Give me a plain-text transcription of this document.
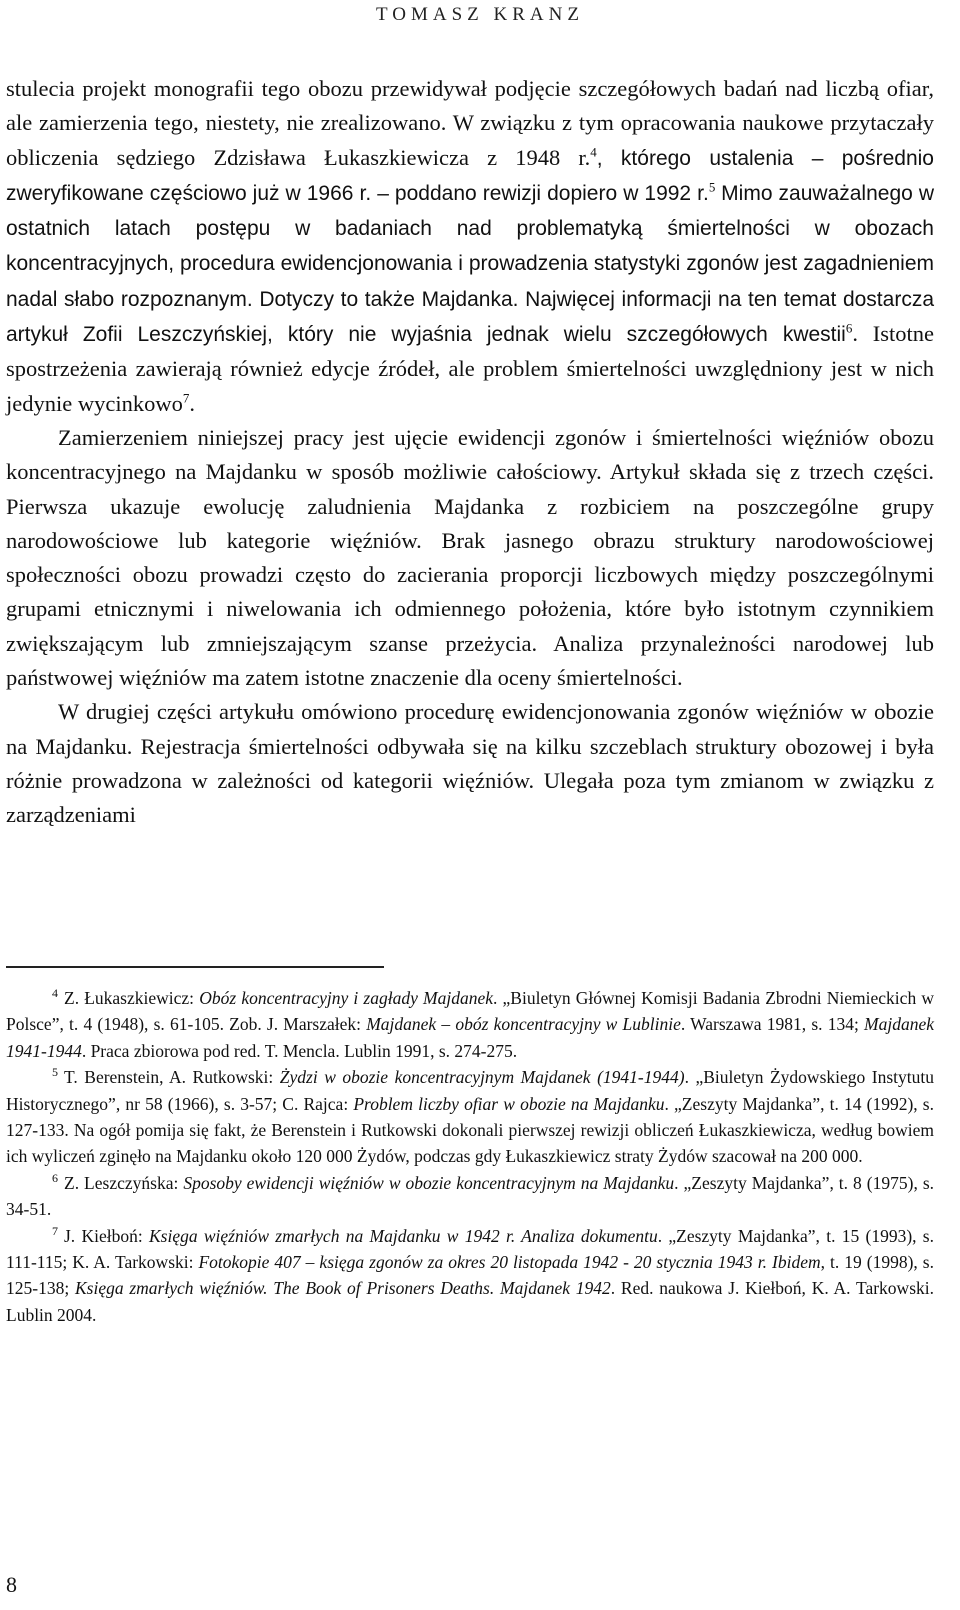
TOMASZ KRANZ

stulecia projekt monografii tego obozu przewidywał podjęcie szczegółowych badań nad liczbą ofiar, ale zamierzenia tego, niestety, nie zrealizowano. W związku z tym opracowania naukowe przytaczały obliczenia sędziego Zdzisława Łukaszkiewicza z 1948 r.$^4$, którego ustalenia – pośrednio zweryfikowane częściowo już w 1966 r. – poddano rewizji dopiero w 1992 r.$^5$ Mimo zauważalnego w ostatnich latach postępu w badaniach nad problematyką śmiertelności w obozach koncentracyjnych, procedura ewidencjonowania i prowadzenia statystyki zgonów jest zagadnieniem nadal słabo rozpoznanym. Dotyczy to także Majdanka. Najwięcej informacji na ten temat dostarcza artykuł Zofii Leszczyńskiej, który nie wyjaśnia jednak wielu szczegółowych kwestii$^6$. Istotne spostrzeżenia zawierają również edycje źródeł, ale problem śmiertelności uwzględniony jest w nich jedynie wycinkowo$^7$.

Zamierzeniem niniejszej pracy jest ujęcie ewidencji zgonów i śmiertelności więźniów obozu koncentracyjnego na Majdanku w sposób możliwie całościowy. Artykuł składa się z trzech części. Pierwsza ukazuje ewolucję zaludnienia Majdanka z rozbiciem na poszczególne grupy narodowościowe lub kategorie więźniów. Brak jasnego obrazu struktury narodowościowej społeczności obozu prowadzi często do zacierania proporcji liczbowych między poszczególnymi grupami etnicznymi i niwelowania ich odmiennego położenia, które było istotnym czynnikiem zwiększającym lub zmniejszającym szanse przeżycia. Analiza przynależności narodowej lub państwowej więźniów ma zatem istotne znaczenie dla oceny śmiertelności.

W drugiej części artykułu omówiono procedurę ewidencjonowania zgonów więźniów w obozie na Majdanku. Rejestracja śmiertelności odbywała się na kilku szczeblach struktury obozowej i była różnie prowadzona w zależności od kategorii więźniów. Ulegała poza tym zmianom w związku z zarządzeniami

$^4$ Z. Łukaszkiewicz: Obóz koncentracyjny i zagłady Majdanek. „Biuletyn Głównej Komisji Badania Zbrodni Niemieckich w Polsce”, t. 4 (1948), s. 61-105. Zob. J. Marszałek: Majdanek – obóz koncentracyjny w Lublinie. Warszawa 1981, s. 134; Majdanek 1941-1944. Praca zbiorowa pod red. T. Mencla. Lublin 1991, s. 274-275.

$^5$ T. Berenstein, A. Rutkowski: Żydzi w obozie koncentracyjnym Majdanek (1941-1944). „Biuletyn Żydowskiego Instytutu Historycznego”, nr 58 (1966), s. 3-57; C. Rajca: Problem liczby ofiar w obozie na Majdanku. „Zeszyty Majdanka”, t. 14 (1992), s. 127-133. Na ogół pomija się fakt, że Berenstein i Rutkowski dokonali pierwszej rewizji obliczeń Łukaszkiewicza, według bowiem ich wyliczeń zginęło na Majdanku około 120 000 Żydów, podczas gdy Łukaszkiewicz straty Żydów szacował na 200 000.

$^6$ Z. Leszczyńska: Sposoby ewidencji więźniów w obozie koncentracyjnym na Majdanku. „Zeszyty Majdanka”, t. 8 (1975), s. 34-51.

$^7$ J. Kiełboń: Księga więźniów zmarłych na Majdanku w 1942 r. Analiza dokumentu. „Zeszyty Majdanka”, t. 15 (1993), s. 111-115; K. A. Tarkowski: Fotokopie 407 – księga zgonów za okres 20 listopada 1942 - 20 stycznia 1943 r. Ibidem, t. 19 (1998), s. 125-138; Księga zmarłych więźniów. The Book of Prisoners Deaths. Majdanek 1942. Red. naukowa J. Kiełboń, K. A. Tarkowski. Lublin 2004.

8
